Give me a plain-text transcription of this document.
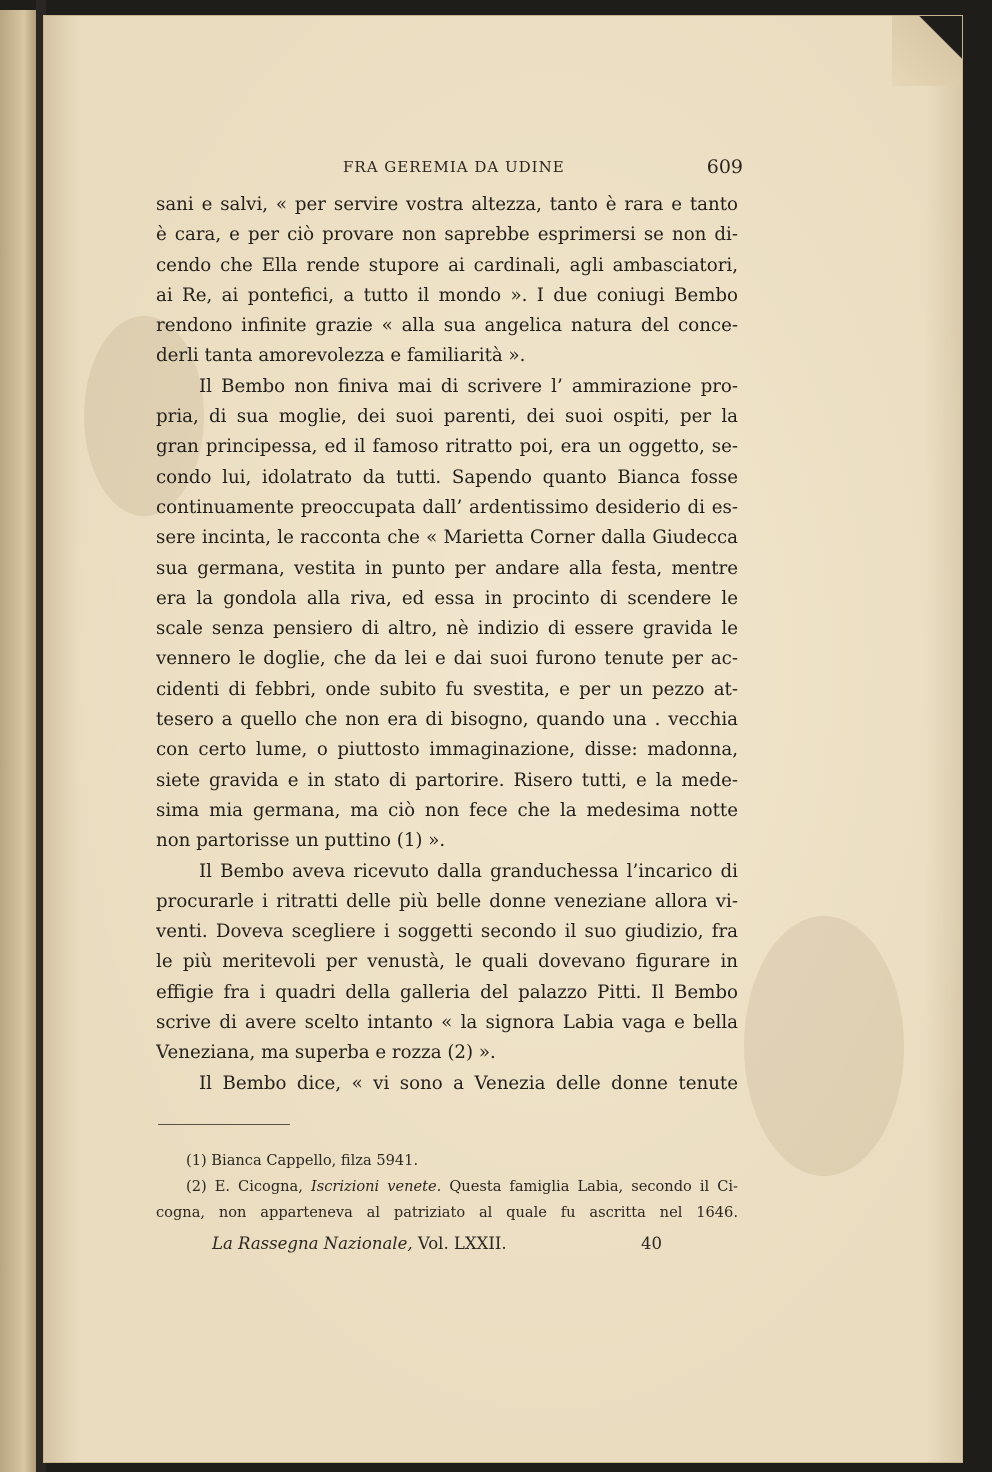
FRA GEREMIA DA UDINE	609
sani e salvi, « per servire vostra altezza, tanto è rara e tanto
è cara, e per ciò provare non saprebbe esprimersi se non di-
cendo che Ella rende stupore ai cardinali, agli ambasciatori,
ai Re, ai pontefici, a tutto il mondo ». I due coniugi Bembo
rendono infinite grazie « alla sua angelica natura del conce-
derli tanta amorevolezza e familiarità ».
Il Bembo non finiva mai di scrivere l’ ammirazione pro-
pria, di sua moglie, dei suoi parenti, dei suoi ospiti, per la
gran principessa, ed il famoso ritratto poi, era un oggetto, se-
condo lui, idolatrato da tutti. Sapendo quanto Bianca fosse
continuamente preoccupata dall’ ardentissimo desiderio di es-
sere incinta, le racconta che « Marietta Corner dalla Giudecca
sua germana, vestita in punto per andare alla festa, mentre
era la gondola alla riva, ed essa in procinto di scendere le
scale senza pensiero di altro, nè indizio di essere gravida le
vennero le doglie, che da lei e dai suoi furono tenute per ac-
cidenti di febbri, onde subito fu svestita, e per un pezzo at-
tesero a quello che non era di bisogno, quando una . vecchia
con certo lume, o piuttosto immaginazione, disse: madonna,
siete gravida e in stato di partorire. Risero tutti, e la mede-
sima mia germana, ma ciò non fece che la medesima notte
non partorisse un puttino (1) ».
Il Bembo aveva ricevuto dalla granduchessa l’incarico di
procurarle i ritratti delle più belle donne veneziane allora vi-
venti. Doveva scegliere i soggetti secondo il suo giudizio, fra
le più meritevoli per venustà, le quali dovevano figurare in
effigie fra i quadri della galleria del palazzo Pitti. Il Bembo
scrive di avere scelto intanto « la signora Labia vaga e bella
Veneziana, ma superba e rozza (2) ».
Il Bembo dice, « vi sono a Venezia delle donne tenute
(1) Bianca Cappello, filza 5941.
(2) E. Cicogna, Iscrizioni venete. Questa famiglia Labia, secondo il Ci-
cogna, non apparteneva al patriziato al quale fu ascritta nel 1646.
La Rassegna Nazionale, Vol. LXXII.	40
